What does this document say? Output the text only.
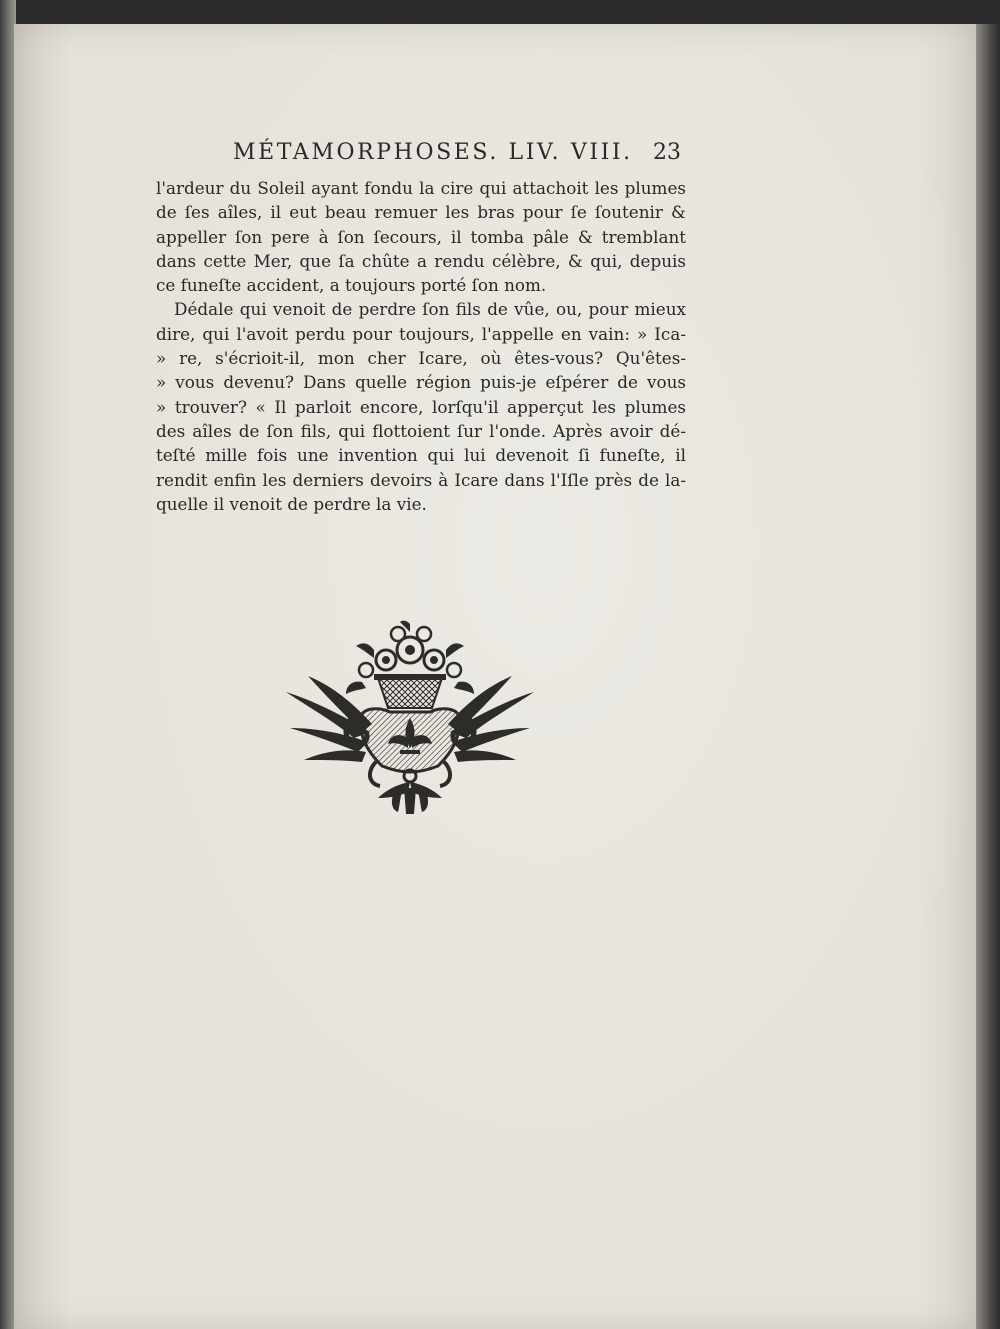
MÉTAMORPHOSES. LIV. VIII. 23
l'ardeur du Soleil ayant fondu la cire qui attachoit les plumes
de ſes aîles, il eut beau remuer les bras pour ſe ſoutenir &
appeller ſon pere à ſon ſecours, il tomba pâle & tremblant
dans cette Mer, que ſa chûte a rendu célèbre, & qui, depuis
ce funeſte accident, a toujours porté ſon nom.
Dédale qui venoit de perdre ſon fils de vûe, ou, pour mieux
dire, qui l'avoit perdu pour toujours, l'appelle en vain: » Ica-
» re, s'écrioit-il, mon cher Icare, où êtes-vous? Qu'êtes-
» vous devenu? Dans quelle région puis-je eſpérer de vous
» trouver? « Il parloit encore, lorſqu'il apperçut les plumes
des aîles de ſon fils, qui flottoient ſur l'onde. Après avoir dé-
teſté mille fois une invention qui lui devenoit ſi funeſte, il
rendit enfin les derniers devoirs à Icare dans l'Iſle près de la-
quelle il venoit de perdre la vie.
